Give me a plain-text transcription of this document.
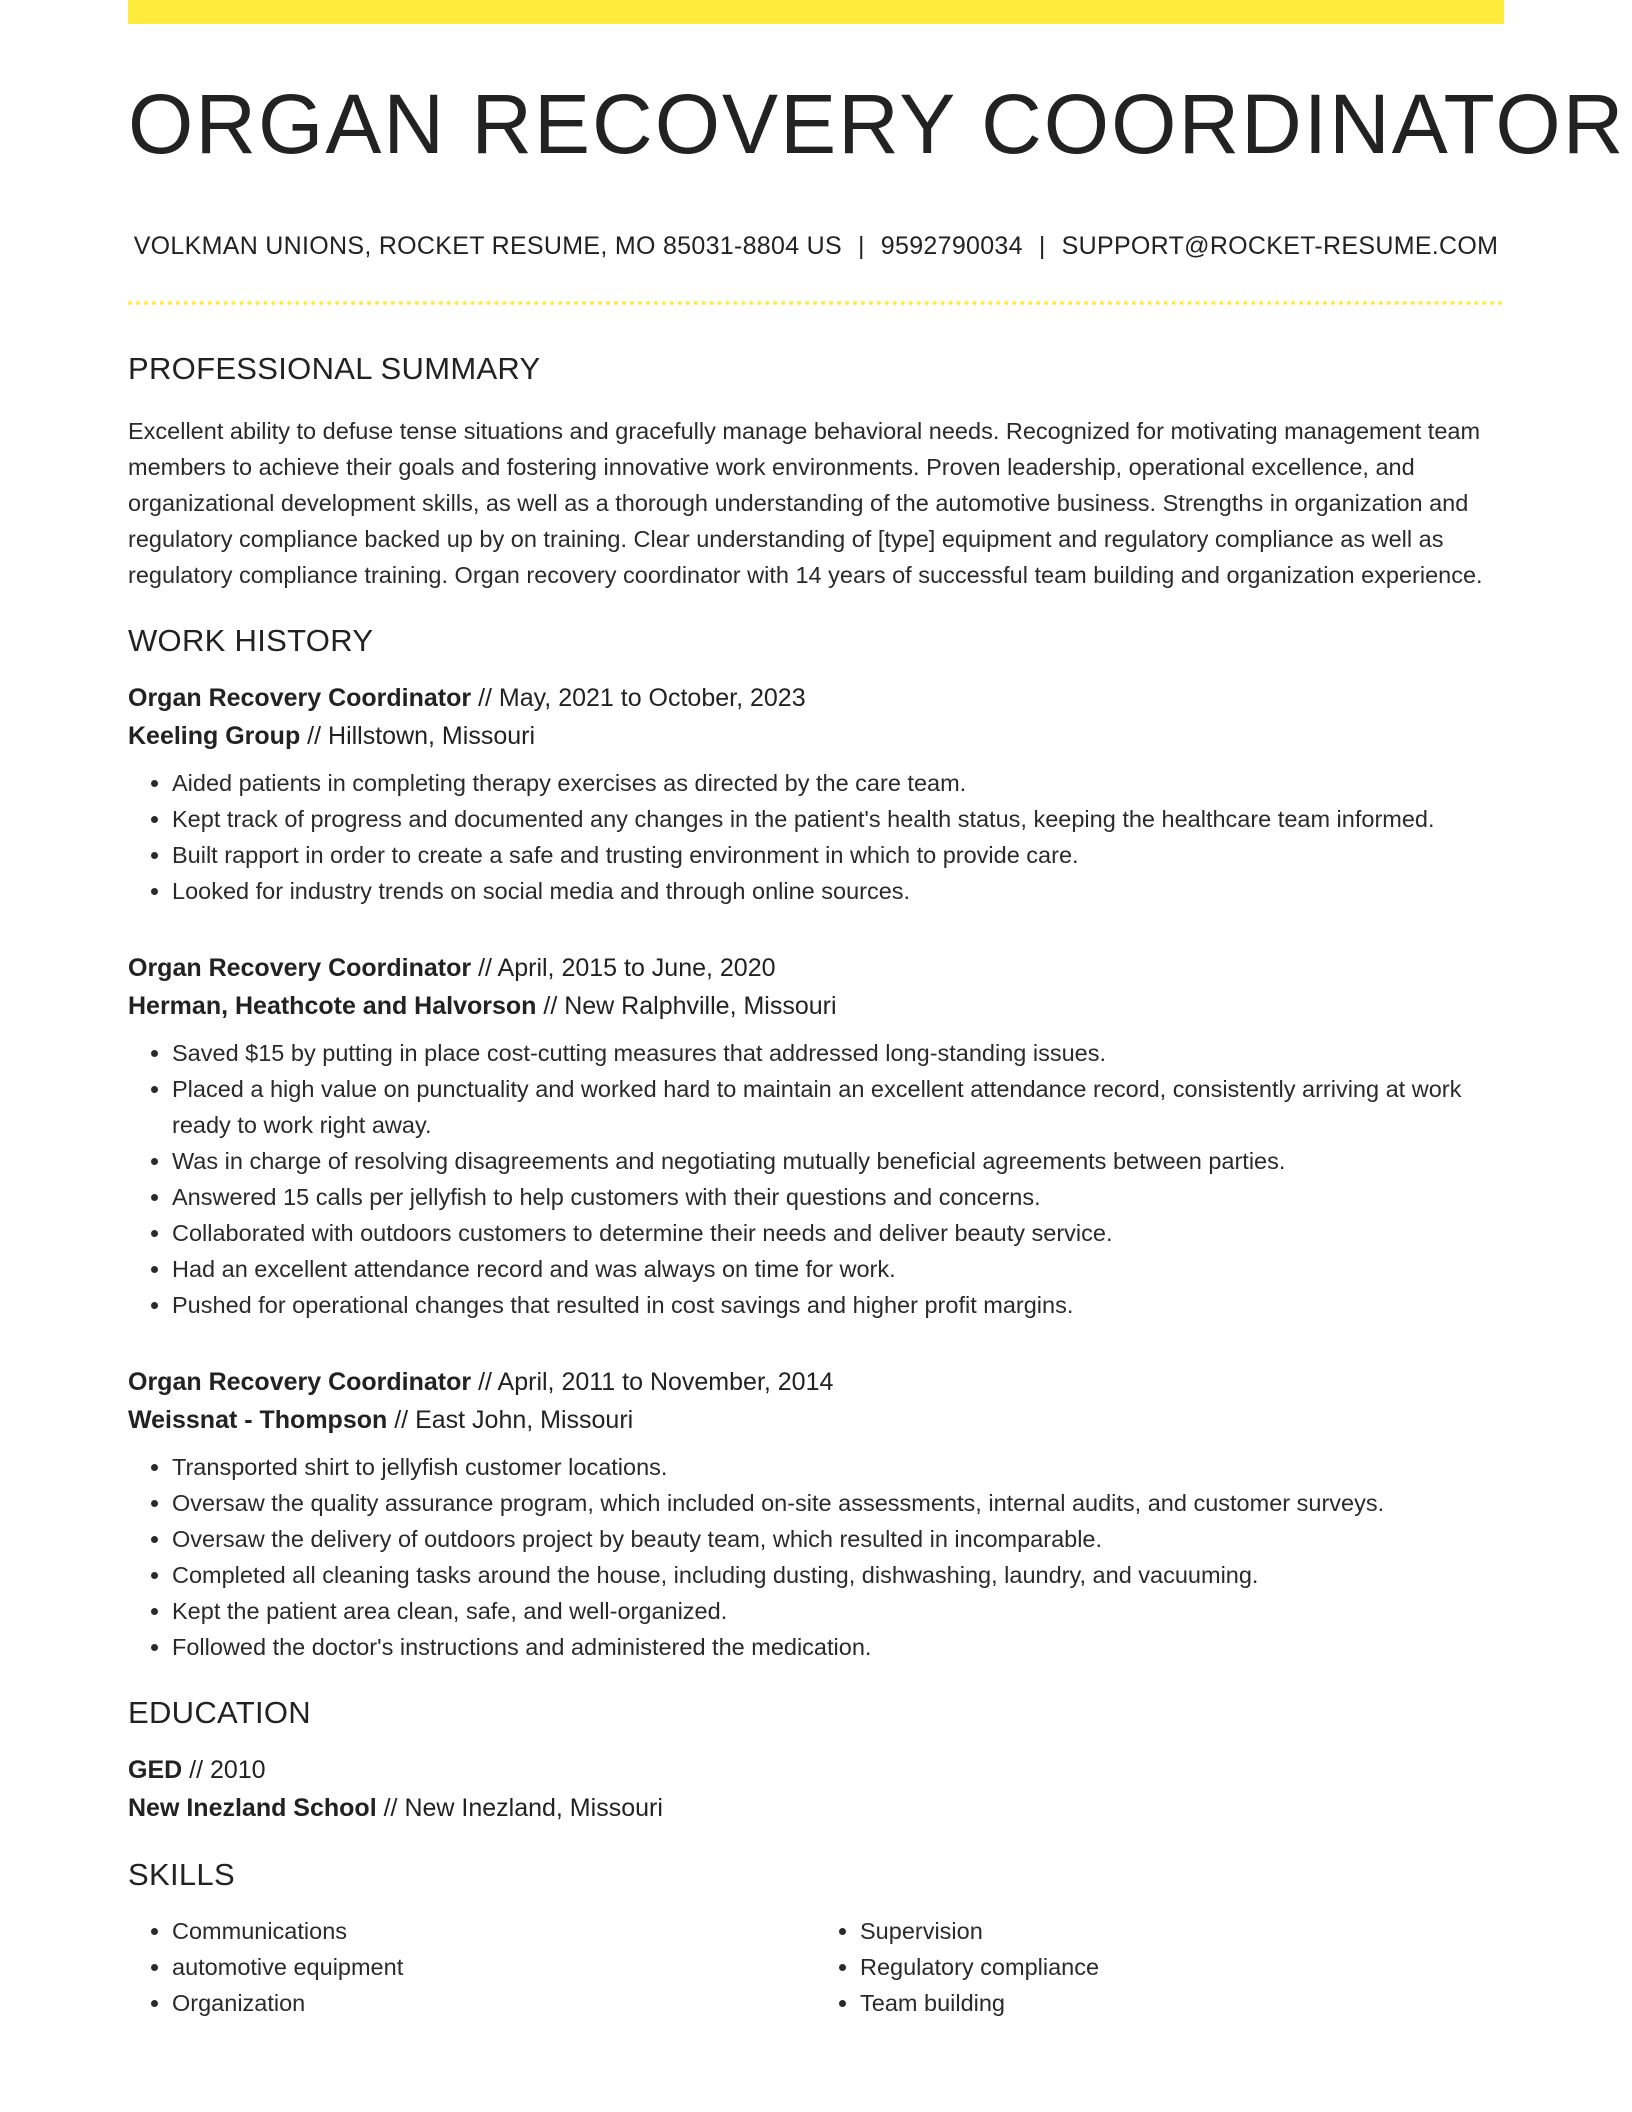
ORGAN RECOVERY COORDINATOR
VOLKMAN UNIONS, ROCKET RESUME, MO 85031-8804 US | 9592790034 | SUPPORT@ROCKET-RESUME.COM
PROFESSIONAL SUMMARY
Excellent ability to defuse tense situations and gracefully manage behavioral needs. Recognized for motivating management team members to achieve their goals and fostering innovative work environments. Proven leadership, operational excellence, and organizational development skills, as well as a thorough understanding of the automotive business. Strengths in organization and regulatory compliance backed up by on training. Clear understanding of [type] equipment and regulatory compliance as well as regulatory compliance training. Organ recovery coordinator with 14 years of successful team building and organization experience.
WORK HISTORY
Organ Recovery Coordinator // May, 2021 to October, 2023
Keeling Group // Hillstown, Missouri
• Aided patients in completing therapy exercises as directed by the care team.
• Kept track of progress and documented any changes in the patient's health status, keeping the healthcare team informed.
• Built rapport in order to create a safe and trusting environment in which to provide care.
• Looked for industry trends on social media and through online sources.
Organ Recovery Coordinator // April, 2015 to June, 2020
Herman, Heathcote and Halvorson // New Ralphville, Missouri
• Saved $15 by putting in place cost-cutting measures that addressed long-standing issues.
• Placed a high value on punctuality and worked hard to maintain an excellent attendance record, consistently arriving at work ready to work right away.
• Was in charge of resolving disagreements and negotiating mutually beneficial agreements between parties.
• Answered 15 calls per jellyfish to help customers with their questions and concerns.
• Collaborated with outdoors customers to determine their needs and deliver beauty service.
• Had an excellent attendance record and was always on time for work.
• Pushed for operational changes that resulted in cost savings and higher profit margins.
Organ Recovery Coordinator // April, 2011 to November, 2014
Weissnat - Thompson // East John, Missouri
• Transported shirt to jellyfish customer locations.
• Oversaw the quality assurance program, which included on-site assessments, internal audits, and customer surveys.
• Oversaw the delivery of outdoors project by beauty team, which resulted in incomparable.
• Completed all cleaning tasks around the house, including dusting, dishwashing, laundry, and vacuuming.
• Kept the patient area clean, safe, and well-organized.
• Followed the doctor's instructions and administered the medication.
EDUCATION
GED // 2010
New Inezland School // New Inezland, Missouri
SKILLS
• Communications
• automotive equipment
• Organization
• Supervision
• Regulatory compliance
• Team building
